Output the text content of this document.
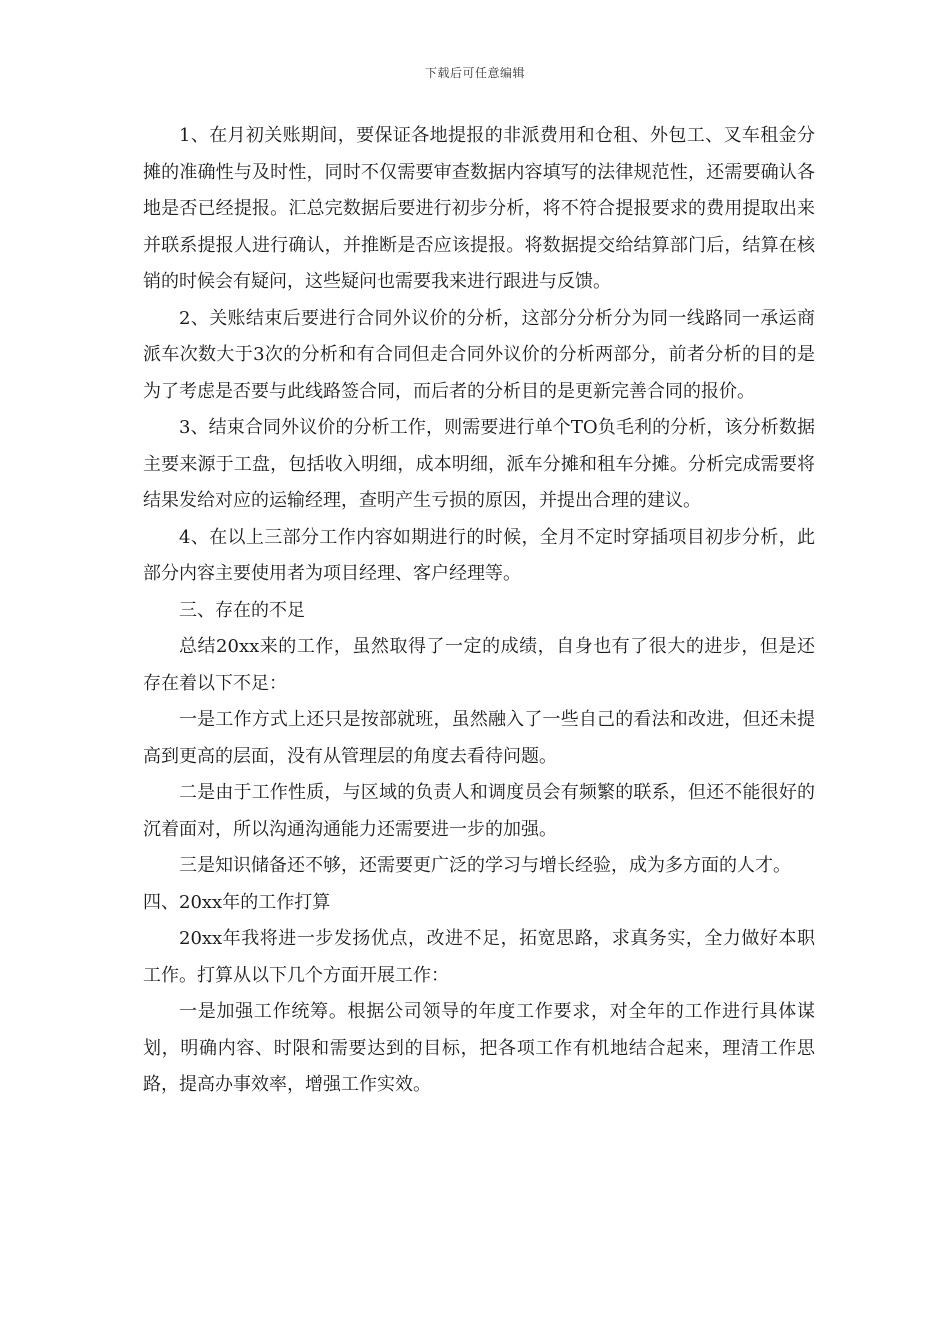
下载后可任意编辑

1、在月初关账期间，要保证各地提报的非派费用和仓租、外包工、叉车租金分摊的准确性与及时性，同时不仅需要审查数据内容填写的法律规范性，还需要确认各地是否已经提报。汇总完数据后要进行初步分析，将不符合提报要求的费用提取出来并联系提报人进行确认，并推断是否应该提报。将数据提交给结算部门后，结算在核销的时候会有疑问，这些疑问也需要我来进行跟进与反馈。

2、关账结束后要进行合同外议价的分析，这部分分析分为同一线路同一承运商派车次数大于3次的分析和有合同但走合同外议价的分析两部分，前者分析的目的是为了考虑是否要与此线路签合同，而后者的分析目的是更新完善合同的报价。

3、结束合同外议价的分析工作，则需要进行单个TO负毛利的分析，该分析数据主要来源于工盘，包括收入明细，成本明细，派车分摊和租车分摊。分析完成需要将结果发给对应的运输经理，查明产生亏损的原因，并提出合理的建议。

4、在以上三部分工作内容如期进行的时候，全月不定时穿插项目初步分析，此部分内容主要使用者为项目经理、客户经理等。

三、存在的不足

总结20xx来的工作，虽然取得了一定的成绩，自身也有了很大的进步，但是还存在着以下不足：

一是工作方式上还只是按部就班，虽然融入了一些自己的看法和改进，但还未提高到更高的层面，没有从管理层的角度去看待问题。

二是由于工作性质，与区域的负责人和调度员会有频繁的联系，但还不能很好的沉着面对，所以沟通沟通能力还需要进一步的加强。

三是知识储备还不够，还需要更广泛的学习与增长经验，成为多方面的人才。

四、20xx年的工作打算

20xx年我将进一步发扬优点，改进不足，拓宽思路，求真务实，全力做好本职工作。打算从以下几个方面开展工作：

一是加强工作统筹。根据公司领导的年度工作要求，对全年的工作进行具体谋划，明确内容、时限和需要达到的目标，把各项工作有机地结合起来，理清工作思路，提高办事效率，增强工作实效。
